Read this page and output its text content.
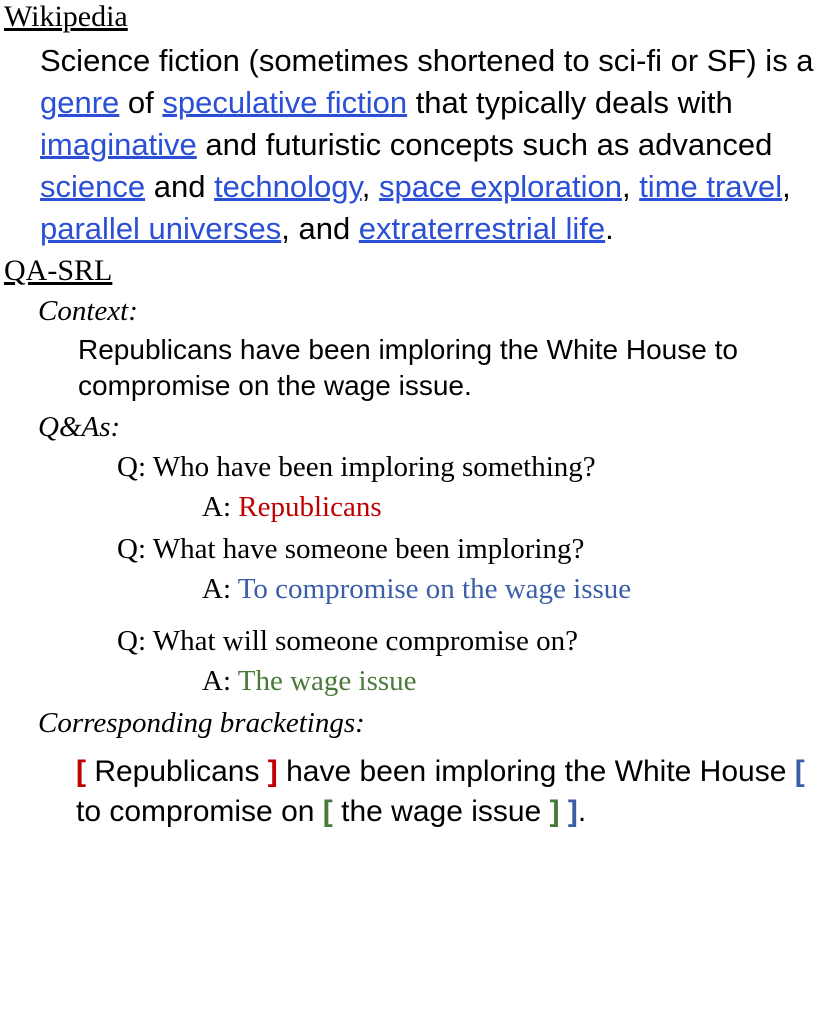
Wikipedia
Science fiction (sometimes shortened to sci-fi or SF) is a genre of speculative fiction that typically deals with imaginative and futuristic concepts such as advanced science and technology, space exploration, time travel, parallel universes, and extraterrestrial life.
QA-SRL
Context:
Republicans have been imploring the White House to compromise on the wage issue.
Q&As:
Q: Who have been imploring something?
A: Republicans
Q: What have someone been imploring?
A: To compromise on the wage issue
Q: What will someone compromise on?
A: The wage issue
Corresponding bracketings:
[ Republicans ] have been imploring the White House [ to compromise on [ the wage issue ] ].
